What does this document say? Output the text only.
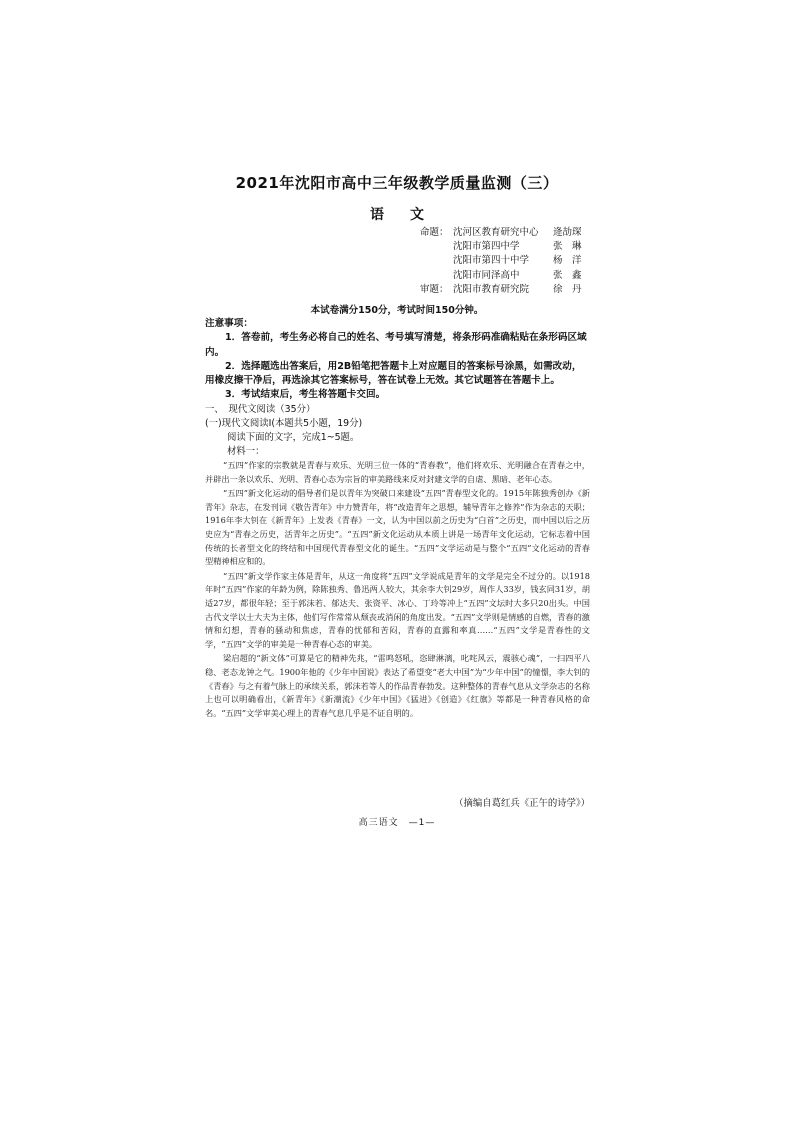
2021年沈阳市高中三年级教学质量监测（三）
语文
命题： 沈河区教育研究中心	逄劼琛
沈阳市第四中学	张　琳
沈阳市第四十中学	杨　洋
沈阳市同泽高中	张　鑫
审题： 沈阳市教育研究院	徐　丹
本试卷满分150分，考试时间150分钟。
注意事项：
1．答卷前，考生务必将自己的姓名、考号填写清楚，将条形码准确粘贴在条形码区域内。
2．选择题选出答案后，用2B铅笔把答题卡上对应题目的答案标号涂黑，如需改动，用橡皮擦干净后，再选涂其它答案标号，答在试卷上无效。其它试题答在答题卡上。
3．考试结束后，考生将答题卡交回。
一、　现代文阅读（35分）
(一)现代文阅读Ⅰ(本题共5小题，19分)
阅读下面的文字，完成1~5题。
材料一：

“五四”作家的宗教就是青春与欢乐、光明三位一体的“青春教”，他们将欢乐、光明融合在青春之中，并辟出一条以欢乐、光明、青春心态为宗旨的审美路线来反对封建文学的自虐、黑暗、老年心态。

“五四”新文化运动的倡导者们是以青年为突破口来建设“五四”青春型文化的。1915年陈独秀创办《新青年》杂志，在发刊词《敬告青年》中力赞青年，将“改造青年之思想，辅导青年之修养”作为杂志的天职；1916年李大钊在《新青年》上发表《青春》一文，认为中国以前之历史为“白首”之历史，而中国以后之历史应为“青春之历史，活青年之历史”。“五四”新文化运动从本质上讲是一场青年文化运动，它标志着中国传统的长者型文化的终结和中国现代青春型文化的诞生。“五四”文学运动是与整个“五四”文化运动的青春型精神相应和的。

“五四”新文学作家主体是青年，从这一角度将“五四”文学说成是青年的文学是完全不过分的。以1918年时“五四”作家的年龄为例，除陈独秀、鲁迅两人较大，其余李大钊29岁，周作人33岁，钱玄同31岁，胡适27岁，都很年轻；至于郭沫若、郁达夫、张资平、冰心、丁玲等冲上“五四”文坛时大多只20出头。中国古代文学以士大夫为主体，他们写作常常从颓丧或消闲的角度出发。“五四”文学则是情感的自燃，青春的激情和幻想，青春的骚动和焦虑，青春的忧郁和苦闷，青春的直露和率真……“五四”文学是青春性的文学，“五四”文学的审美是一种青春心态的审美。

梁启超的“新文体”可算是它的精神先兆，“雷鸣怒吼，恣肆淋漓，叱咤风云，震骇心魂”，一扫四平八稳、老态龙钟之气。1900年他的《少年中国说》表达了希望变“老大中国”为“少年中国”的憧憬，李大钊的《青春》与之有着气脉上的承续关系，郭沫若等人的作品青春勃发。这种整体的青春气息从文学杂志的名称上也可以明确看出，《新青年》《新潮流》《少年中国》《猛进》《创造》《红旗》等都是一种青春风格的命名。“五四”文学审美心理上的青春气息几乎是不证自明的。

（摘编自葛红兵《正午的诗学》）
高三语文　—1—
